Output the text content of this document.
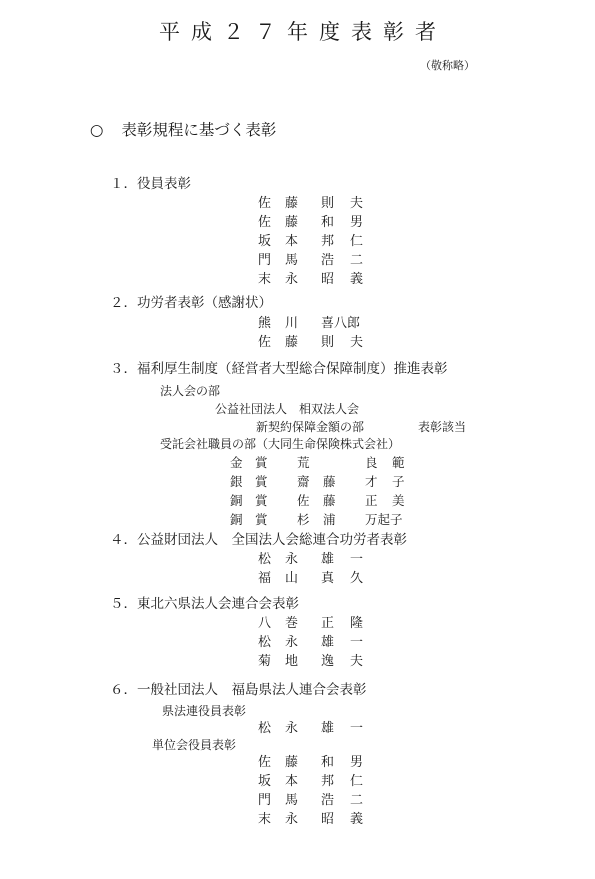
平成２７年度表彰者
（敬称略）

○ 表彰規程に基づく表彰

１．役員表彰

佐

藤

則

夫

佐

藤

和

男

坂

本

邦

仁

門

馬

浩

二

末

永

昭

義

２．功労者表彰（感謝状）

熊

川

喜八郎

佐

藤

則

夫

３．福利厚生制度（経営者大型総合保障制度）推進表彰
法人会の部
公益社団法人　相双法人会
新契約保障金額の部	表彰該当
受託会社職員の部（大同生命保険株式会社）

金　賞

荒

	良

範

銀　賞

齋

藤

才

子

銅　賞

佐

藤

正

美

銅　賞

杉

浦

万起子

４．公益財団法人　全国法人会総連合功労者表彰

松

永

雄

一

福

山

真

久

５．東北六県法人会連合会表彰

八

巻

正

隆

松

永

雄

一

菊

地

逸

夫

６．一般社団法人　福島県法人連合会表彰
県法連役員表彰

松

永

雄

一

単位会役員表彰

佐

藤

和

男

坂

本

邦

仁

門

馬

浩

二

末

永

昭

義
